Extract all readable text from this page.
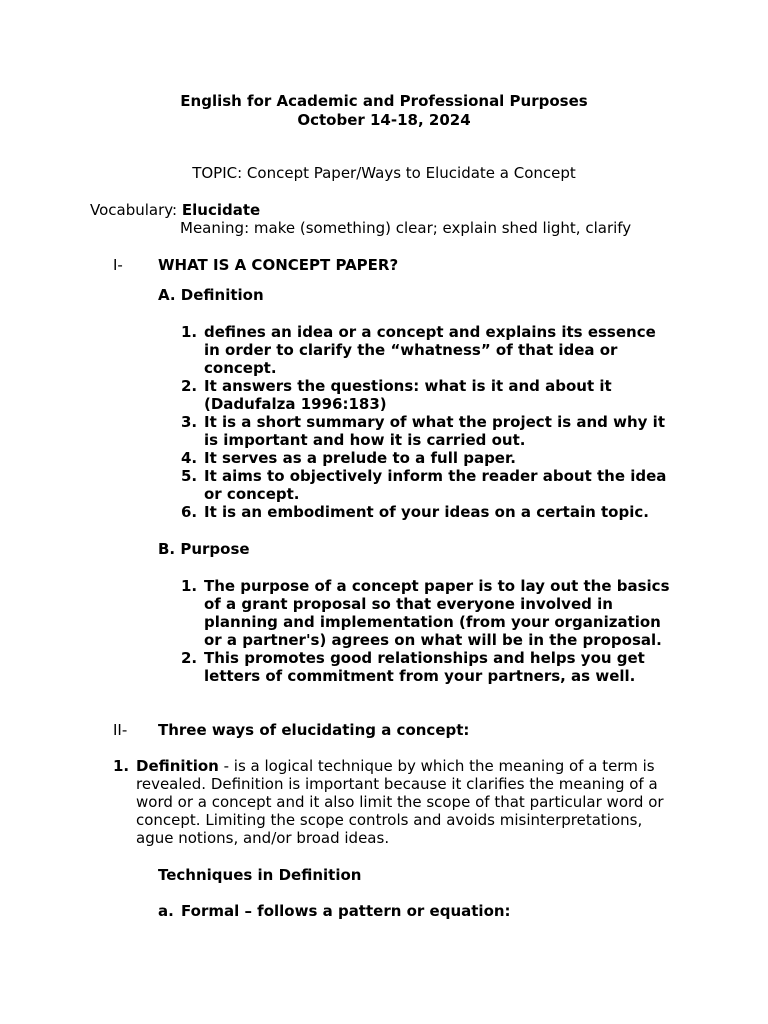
English for Academic and Professional Purposes
October 14-18, 2024
TOPIC: Concept Paper/Ways to Elucidate a Concept
Vocabulary: Elucidate
Meaning: make (something) clear; explain shed light, clarify
I- WHAT IS A CONCEPT PAPER?
A. Definition
1. defines an idea or a concept and explains its essence in order to clarify the “whatness” of that idea or concept.
2. It answers the questions: what is it and about it (Dadufalza 1996:183)
3. It is a short summary of what the project is and why it is important and how it is carried out.
4. It serves as a prelude to a full paper.
5. It aims to objectively inform the reader about the idea or concept.
6. It is an embodiment of your ideas on a certain topic.
B. Purpose
1. The purpose of a concept paper is to lay out the basics of a grant proposal so that everyone involved in planning and implementation (from your organization or a partner's) agrees on what will be in the proposal.
2. This promotes good relationships and helps you get letters of commitment from your partners, as well.
II- Three ways of elucidating a concept:
1. Definition - is a logical technique by which the meaning of a term is revealed. Definition is important because it clarifies the meaning of a word or a concept and it also limit the scope of that particular word or concept. Limiting the scope controls and avoids misinterpretations, ague notions, and/or broad ideas.
Techniques in Definition
a. Formal – follows a pattern or equation:
